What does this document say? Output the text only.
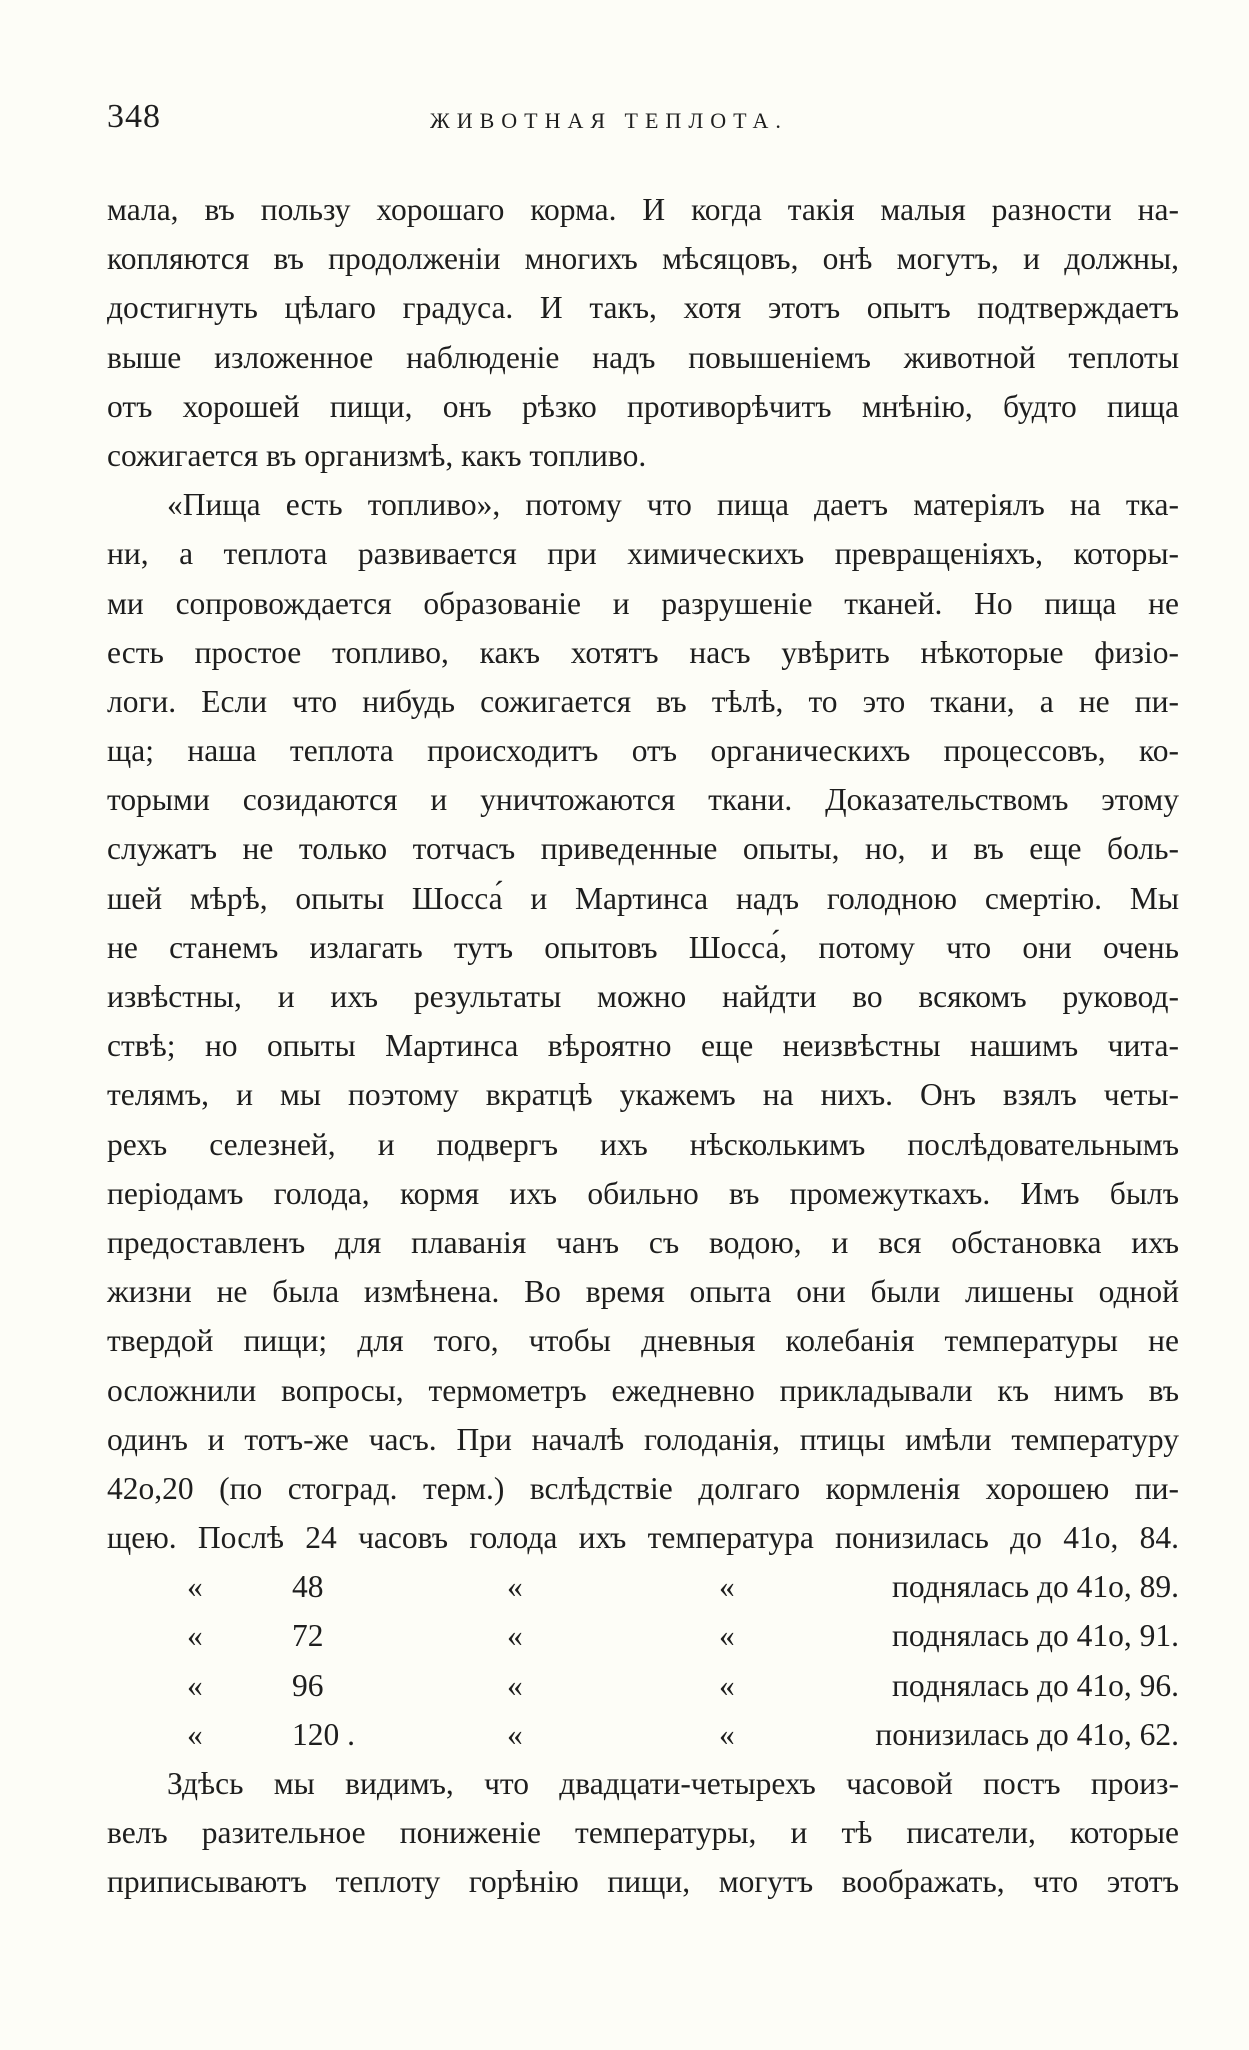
348	ЖИВОТНАЯ ТЕПЛОТА.
мала, въ пользу хорошаго корма. И когда такія малыя разности на-
копляются въ продолженіи многихъ мѣсяцовъ, онѣ могутъ, и должны,
достигнуть цѣлаго градуса. И такъ, хотя этотъ опытъ подтверждаетъ
выше изложенное наблюденіе надъ повышеніемъ животной теплоты
отъ хорошей пищи, онъ рѣзко противорѣчитъ мнѣнію, будто пища
сожигается въ организмѣ, какъ топливо.
«Пища есть топливо», потому что пища даетъ матеріялъ на тка-
ни, а теплота развивается при химическихъ превращеніяхъ, которы-
ми сопровождается образованіе и разрушеніе тканей. Но пища не
есть простое топливо, какъ хотятъ насъ увѣрить нѣкоторые физіо-
логи. Если что нибудь сожигается въ тѣлѣ, то это ткани, а не пи-
ща; наша теплота происходитъ отъ органическихъ процессовъ, ко-
торыми созидаются и уничтожаются ткани. Доказательствомъ этому
служатъ не только тотчасъ приведенные опыты, но, и въ еще боль-
шей мѣрѣ, опыты Шосса́ и Мартинса надъ голодною смертію. Мы
не станемъ излагать тутъ опытовъ Шосса́, потому что они очень
извѣстны, и ихъ результаты можно найдти во всякомъ руковод-
ствѣ; но опыты Мартинса вѣроятно еще неизвѣстны нашимъ чита-
телямъ, и мы поэтому вкратцѣ укажемъ на нихъ. Онъ взялъ четы-
рехъ селезней, и подвергъ ихъ нѣсколькимъ послѣдовательнымъ
періодамъ голода, кормя ихъ обильно въ промежуткахъ. Имъ былъ
предоставленъ для плаванія чанъ съ водою, и вся обстановка ихъ
жизни не была измѣнена. Во время опыта они были лишены одной
твердой пищи; для того, чтобы дневныя колебанія температуры не
осложнили вопросы, термометръ ежедневно прикладывали къ нимъ въ
одинъ и тотъ-же часъ. При началѣ голоданія, птицы имѣли температуру
42о,20 (по стоград. терм.) вслѣдствіе долгаго кормленія хорошею пи-
щею. Послѣ 24 часовъ голода ихъ температура понизилась до 41о, 84.
«	48	«	«	поднялась до 41о, 89.
«	72	«	«	поднялась до 41о, 91.
«	96	«	«	поднялась до 41о, 96.
«	120 .	«	«	понизилась до 41о, 62.
Здѣсь мы видимъ, что двадцати-четырехъ часовой постъ произ-
велъ разительное пониженіе температуры, и тѣ писатели, которые
приписываютъ теплоту горѣнію пищи, могутъ воображать, что этотъ
